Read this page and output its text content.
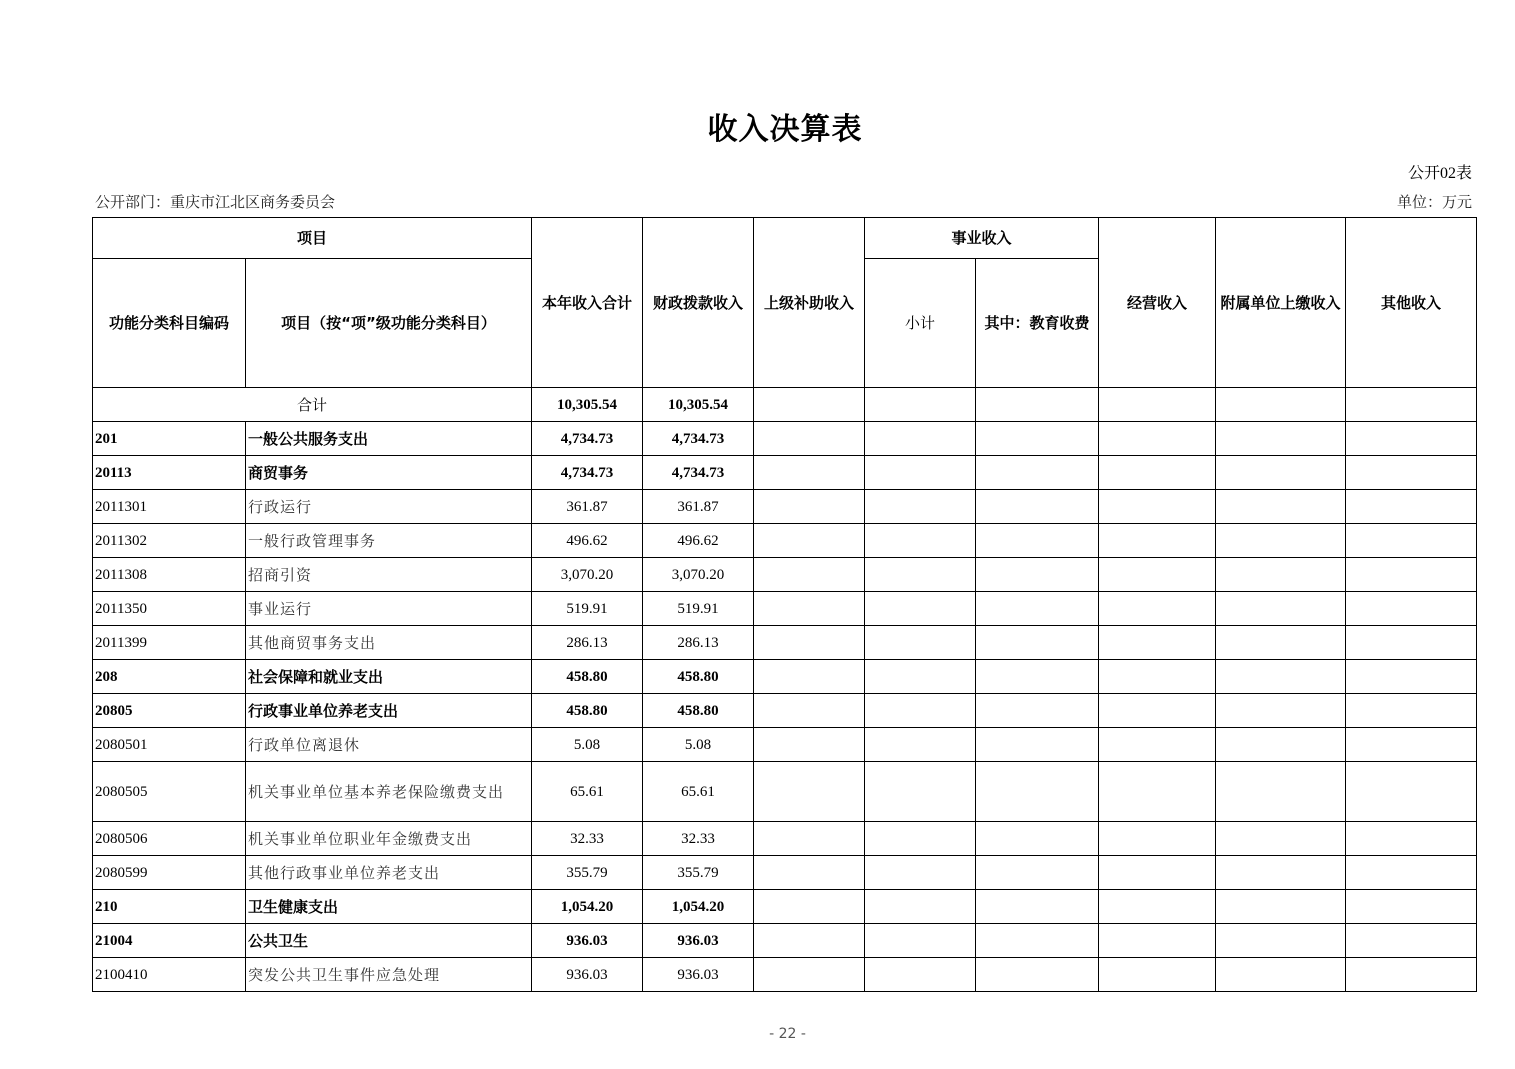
收入决算表
公开02表
公开部门：重庆市江北区商务委员会	单位：万元
项目		本年收入合计	财政拨款收入	上级补助收入	事业收入		经营收入	附属单位上缴收入	其他收入
功能分类科目编码	项目（按“项”级功能分类科目）				小计	其中：教育收费			
合计		10,305.54	10,305.54						
201	一般公共服务支出	4,734.73	4,734.73						
20113	商贸事务	4,734.73	4,734.73						
2011301	行政运行	361.87	361.87						
2011302	一般行政管理事务	496.62	496.62						
2011308	招商引资	3,070.20	3,070.20						
2011350	事业运行	519.91	519.91						
2011399	其他商贸事务支出	286.13	286.13						
208	社会保障和就业支出	458.80	458.80						
20805	行政事业单位养老支出	458.80	458.80						
2080501	行政单位离退休	5.08	5.08						
2080505	机关事业单位基本养老保险缴费支出	65.61	65.61						
2080506	机关事业单位职业年金缴费支出	32.33	32.33						
2080599	其他行政事业单位养老支出	355.79	355.79						
210	卫生健康支出	1,054.20	1,054.20						
21004	公共卫生	936.03	936.03						
2100410	突发公共卫生事件应急处理	936.03	936.03						
- 22 -
